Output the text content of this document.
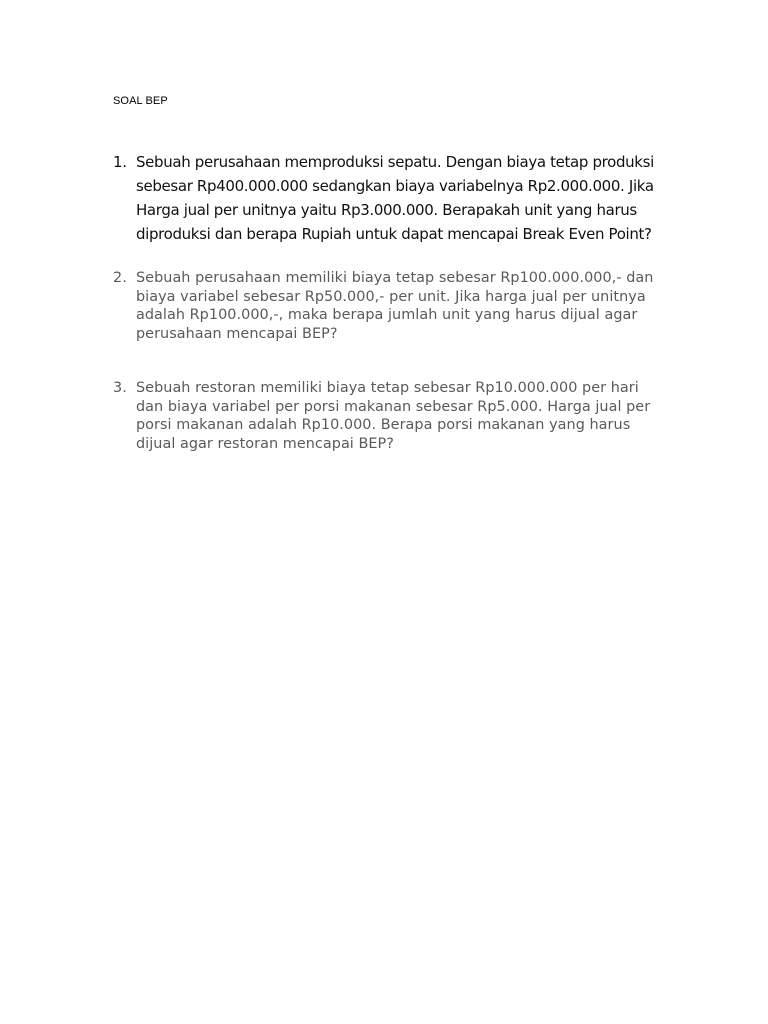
SOAL BEP
1. Sebuah perusahaan memproduksi sepatu. Dengan biaya tetap produksi
sebesar Rp400.000.000 sedangkan biaya variabelnya Rp2.000.000. Jika
Harga jual per unitnya yaitu Rp3.000.000. Berapakah unit yang harus
diproduksi dan berapa Rupiah untuk dapat mencapai Break Even Point?
2. Sebuah perusahaan memiliki biaya tetap sebesar Rp100.000.000,- dan
biaya variabel sebesar Rp50.000,- per unit. Jika harga jual per unitnya
adalah Rp100.000,-, maka berapa jumlah unit yang harus dijual agar
perusahaan mencapai BEP?
3. Sebuah restoran memiliki biaya tetap sebesar Rp10.000.000 per hari
dan biaya variabel per porsi makanan sebesar Rp5.000. Harga jual per
porsi makanan adalah Rp10.000. Berapa porsi makanan yang harus
dijual agar restoran mencapai BEP?
